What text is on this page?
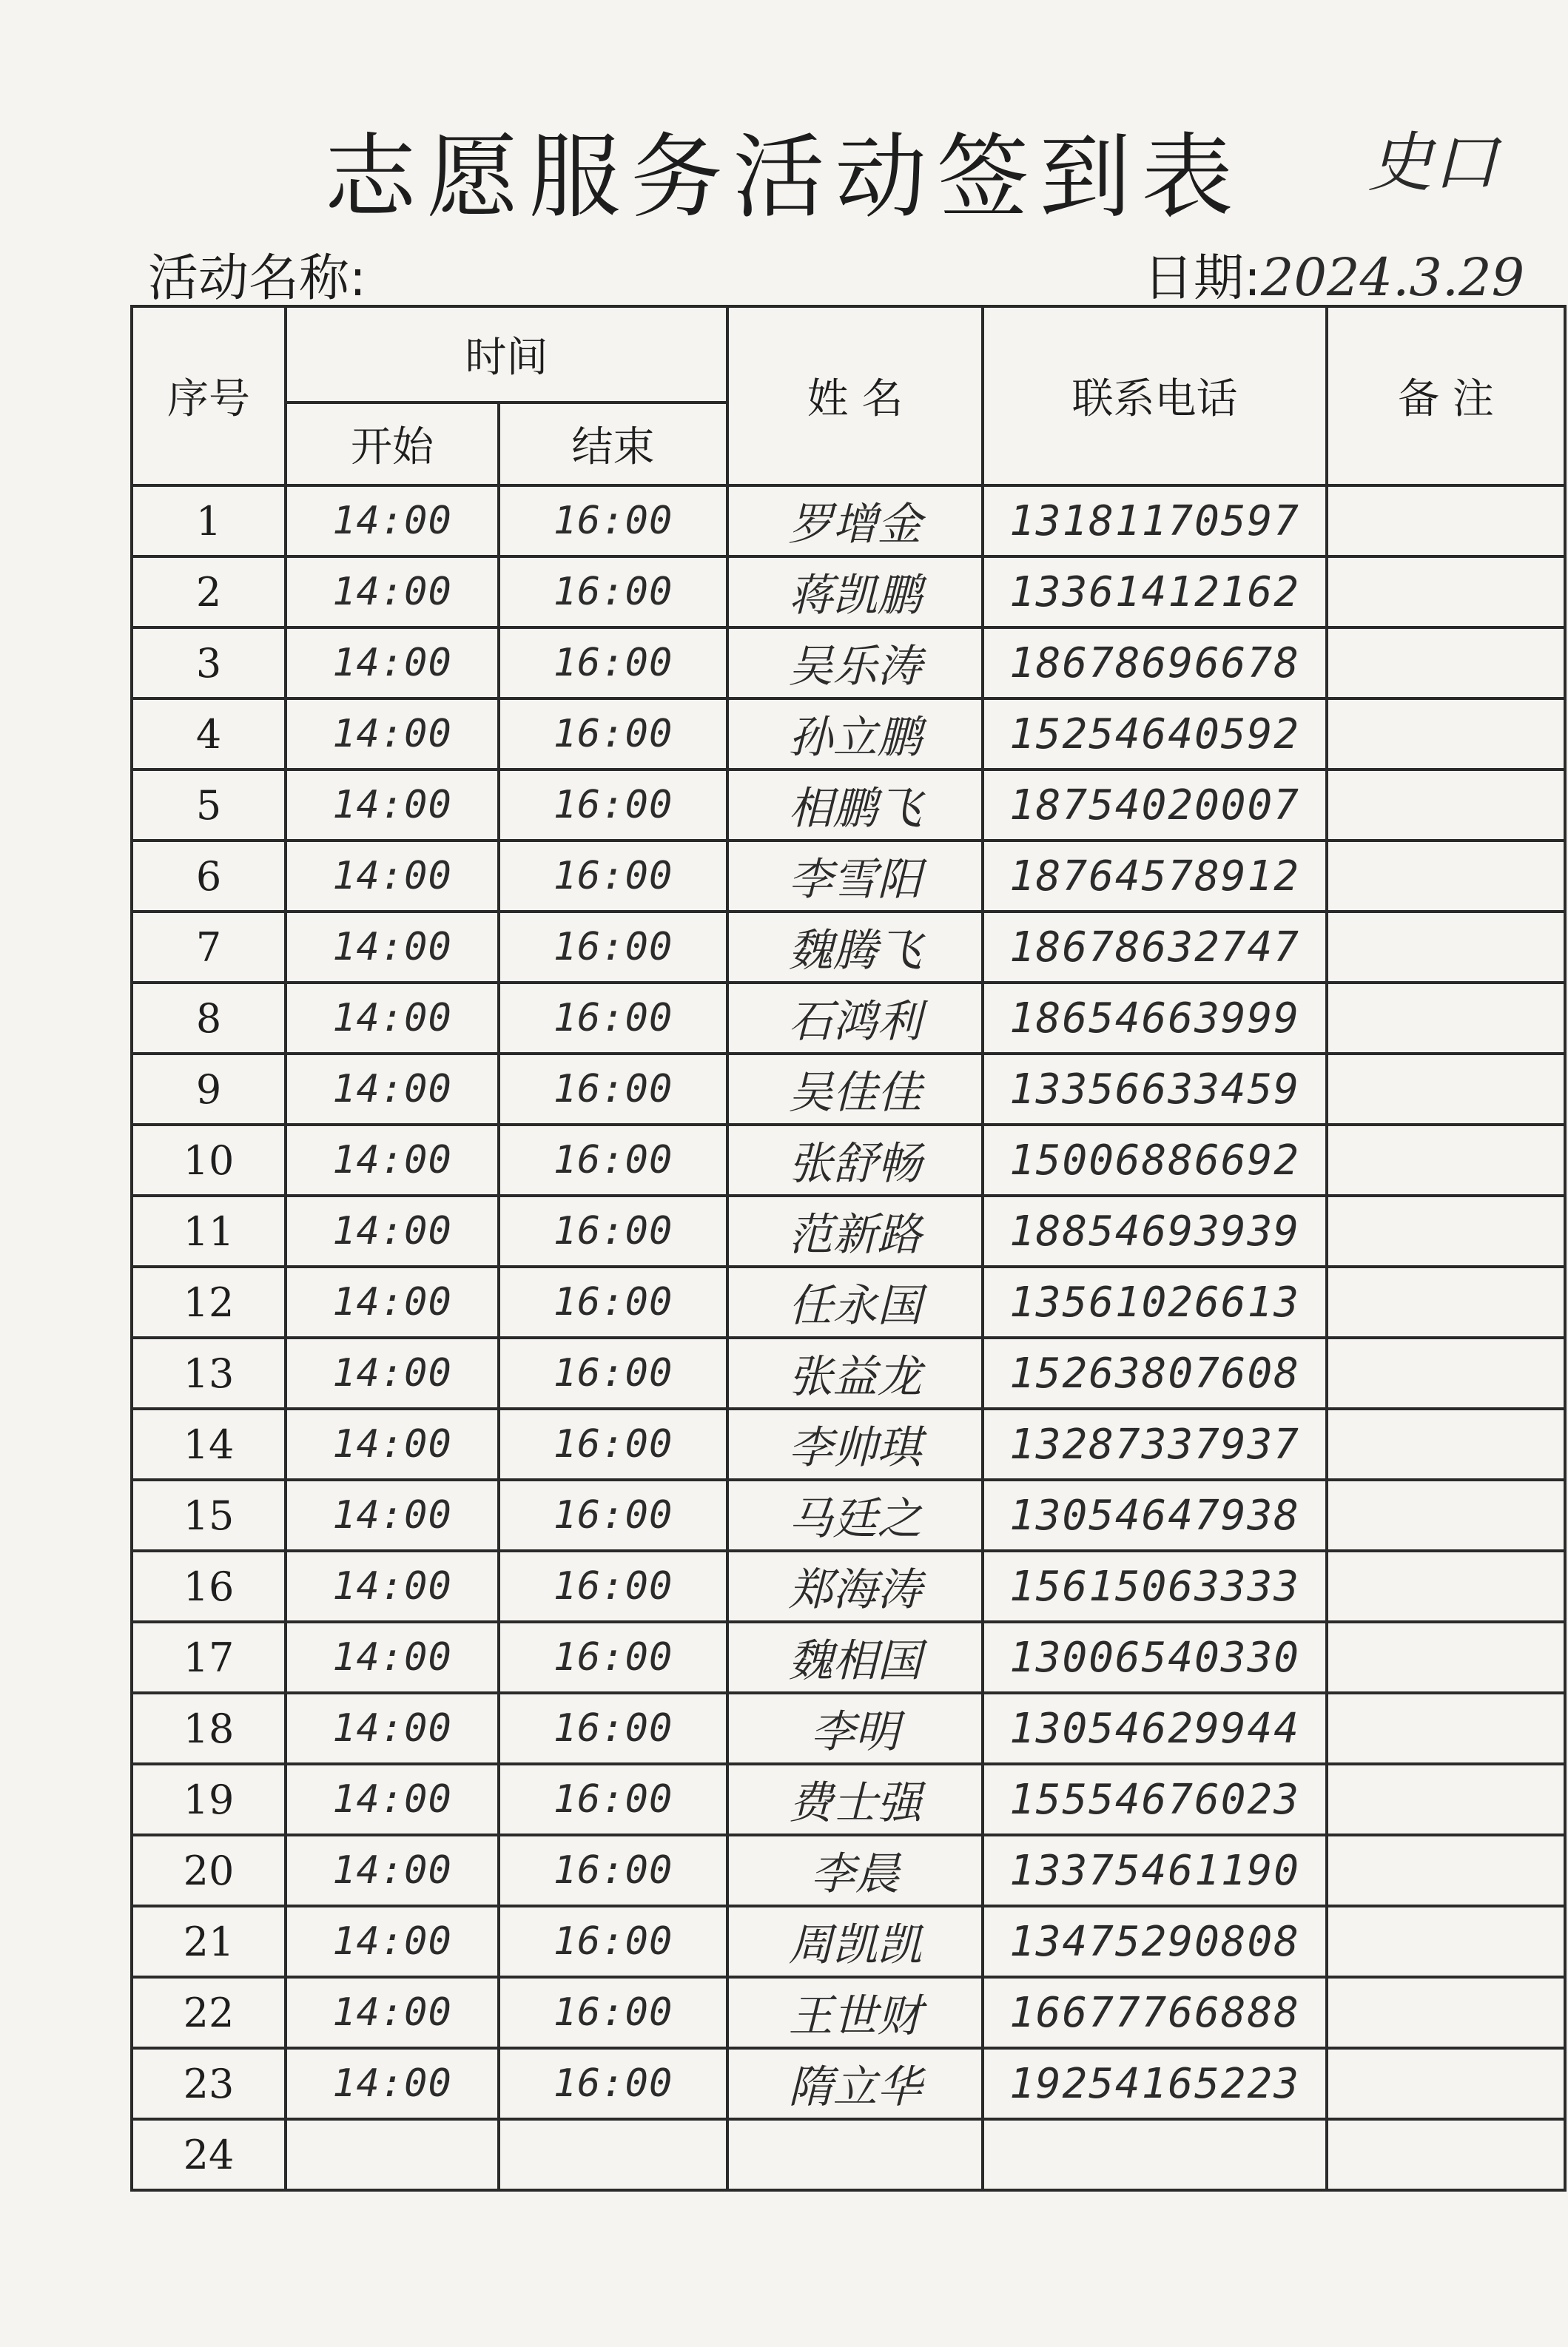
志愿服务活动签到表	史口
活动名称:	日期:2024.3.29
序号	时间		姓 名	联系电话	备 注
	开始	结束			
1	14:00	16:00	罗增金	13181170597	
2	14:00	16:00	蒋凯鹏	13361412162	
3	14:00	16:00	吴乐涛	18678696678	
4	14:00	16:00	孙立鹏	15254640592	
5	14:00	16:00	相鹏飞	18754020007	
6	14:00	16:00	李雪阳	18764578912	
7	14:00	16:00	魏腾飞	18678632747	
8	14:00	16:00	石鸿利	18654663999	
9	14:00	16:00	吴佳佳	13356633459	
10	14:00	16:00	张舒畅	15006886692	
11	14:00	16:00	范新路	18854693939	
12	14:00	16:00	任永国	13561026613	
13	14:00	16:00	张益龙	15263807608	
14	14:00	16:00	李帅琪	13287337937	
15	14:00	16:00	马廷之	13054647938	
16	14:00	16:00	郑海涛	15615063333	
17	14:00	16:00	魏相国	13006540330	
18	14:00	16:00	李明	13054629944	
19	14:00	16:00	费士强	15554676023	
20	14:00	16:00	李晨	13375461190	
21	14:00	16:00	周凯凯	13475290808	
22	14:00	16:00	王世财	16677766888	
23	14:00	16:00	隋立华	19254165223	
24					
